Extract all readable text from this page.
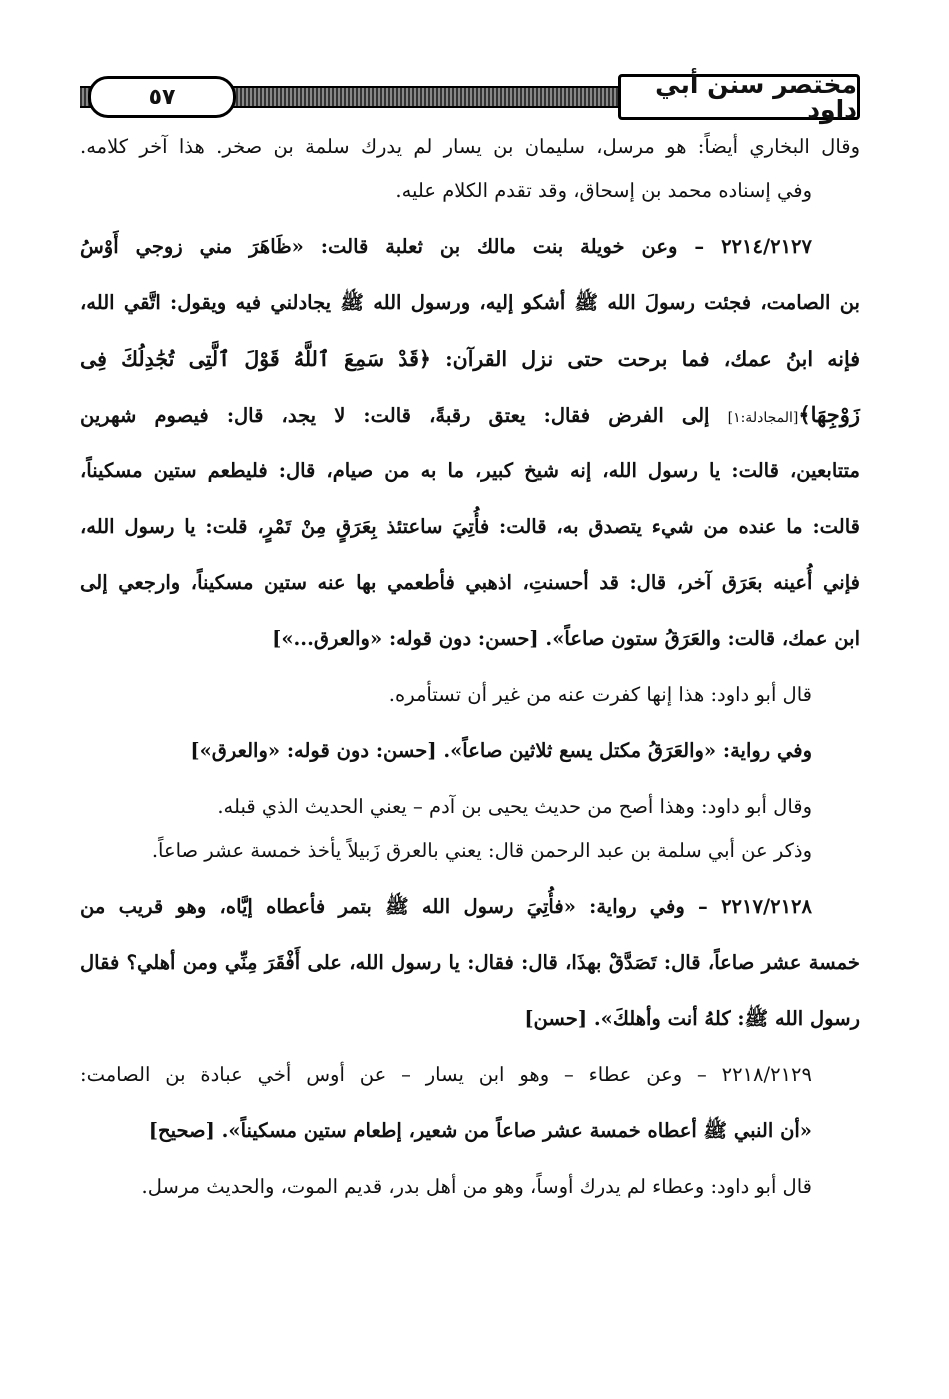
مختصر سنن أبي داود
٥٧
وقال البخاري أيضاً: هو مرسل، سليمان بن يسار لم يدرك سلمة بن صخر. هذا آخر كلامه.
وفي إسناده محمد بن إسحاق، وقد تقدم الكلام عليه.
٢٢١٤/٢١٢٧ – وعن خويلة بنت مالك بن ثعلبة قالت: «ظَاهَرَ مني زوجي أَوْسُ
بن الصامت، فجئت رسولَ الله ﷺ أشكو إليه، ورسول الله ﷺ يجادلني فيه ويقول: اتَّقي الله،
فإنه ابنُ عمك، فما برحت حتى نزل القرآن: ﴿قَدْ سَمِعَ ٱللَّهُ قَوْلَ ٱلَّتِى تُجَٰدِلُكَ فِى
زَوْجِهَا﴾[المجادلة:١] إلى الفرض فقال: يعتق رقبةً، قالت: لا يجد، قال: فيصوم شهرين
متتابعين، قالت: يا رسول الله، إنه شيخ كبير، ما به من صيام، قال: فليطعم ستين مسكيناً،
قالت: ما عنده من شيء يتصدق به، قالت: فأُتِيَ ساعتئذ بِعَرَقٍ مِنْ تَمْرٍ، قلت: يا رسول الله،
فإني أُعينه بعَرَق آخر، قال: قد أحسنتِ، اذهبي فأطعمي بها عنه ستين مسكيناً، وارجعي إلى
ابن عمك، قالت: والعَرَقُ ستون صاعاً». [حسن: دون قوله: «والعرق...»]
قال أبو داود: هذا إنها كفرت عنه من غير أن تستأمره.
وفي رواية: «والعَرَقُ مكتل يسع ثلاثين صاعاً». [حسن: دون قوله: «والعرق»]
وقال أبو داود: وهذا أصح من حديث يحيى بن آدم – يعني الحديث الذي قبله.
وذكر عن أبي سلمة بن عبد الرحمن قال: يعني بالعرق زَبيلاً يأخذ خمسة عشر صاعاً.
٢٢١٧/٢١٢٨ – وفي رواية: «فأُتِيَ رسول الله ﷺ بتمر فأعطاه إيَّاه، وهو قريب من
خمسة عشر صاعاً، قال: تَصَدَّقْ بهذَا، قال: فقال: يا رسول الله، على أَفْقَرَ مِنِّي ومن أهلي؟ فقال
رسول الله ﷺ: كلهُ أنت وأهلكَ». [حسن]
٢٢١٨/٢١٢٩ – وعن عطاء – وهو ابن يسار – عن أوس أخي عبادة بن الصامت:
«أن النبي ﷺ أعطاه خمسة عشر صاعاً من شعير، إطعام ستين مسكيناً». [صحيح]
قال أبو داود: وعطاء لم يدرك أوساً، وهو من أهل بدر، قديم الموت، والحديث مرسل.
